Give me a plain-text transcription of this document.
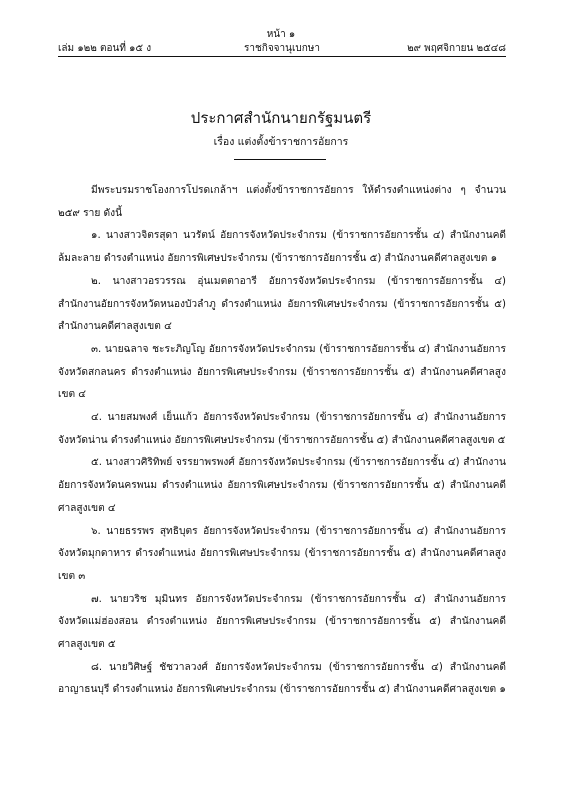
หน้า ๑
ราชกิจจานุเบกษา
เล่ม ๑๒๒ ตอนที่ ๑๕ ง	๒๙ พฤศจิกายน ๒๕๔๘
ประกาศสำนักนายกรัฐมนตรี
เรื่อง แต่งตั้งข้าราชการอัยการ

มีพระบรมราชโองการโปรดเกล้าฯ แต่งตั้งข้าราชการอัยการ ให้ดำรงตำแหน่งต่าง ๆ จำนวน ๒๕๙ ราย ดังนี้

๑. นางสาวจิตรสุดา นวรัตน์ อัยการจังหวัดประจำกรม (ข้าราชการอัยการชั้น ๔) สำนักงานคดีล้มละลาย ดำรงตำแหน่ง อัยการพิเศษประจำกรม (ข้าราชการอัยการชั้น ๕) สำนักงานคดีศาลสูงเขต ๑

๒. นางสาวอรวรรณ อุ่นเมตตาอารี อัยการจังหวัดประจำกรม (ข้าราชการอัยการชั้น ๔) สำนักงานอัยการจังหวัดหนองบัวลำภู ดำรงตำแหน่ง อัยการพิเศษประจำกรม (ข้าราชการอัยการชั้น ๕) สำนักงานคดีศาลสูงเขต ๔

๓. นายฉลาจ ชะระภิญโญ อัยการจังหวัดประจำกรม (ข้าราชการอัยการชั้น ๔) สำนักงานอัยการจังหวัดสกลนคร ดำรงตำแหน่ง อัยการพิเศษประจำกรม (ข้าราชการอัยการชั้น ๕) สำนักงานคดีศาลสูงเขต ๔

๔. นายสมพงศ์ เย็นแก้ว อัยการจังหวัดประจำกรม (ข้าราชการอัยการชั้น ๔) สำนักงานอัยการจังหวัดน่าน ดำรงตำแหน่ง อัยการพิเศษประจำกรม (ข้าราชการอัยการชั้น ๕) สำนักงานคดีศาลสูงเขต ๕

๕. นางสาวศิริทิพย์ จรรยาพรพงศ์ อัยการจังหวัดประจำกรม (ข้าราชการอัยการชั้น ๔) สำนักงานอัยการจังหวัดนครพนม ดำรงตำแหน่ง อัยการพิเศษประจำกรม (ข้าราชการอัยการชั้น ๕) สำนักงานคดีศาลสูงเขต ๔

๖. นายธรรพร สุทธิบุตร อัยการจังหวัดประจำกรม (ข้าราชการอัยการชั้น ๔) สำนักงานอัยการจังหวัดมุกดาหาร ดำรงตำแหน่ง อัยการพิเศษประจำกรม (ข้าราชการอัยการชั้น ๕) สำนักงานคดีศาลสูงเขต ๓

๗. นายวริช มุมินทร อัยการจังหวัดประจำกรม (ข้าราชการอัยการชั้น ๔) สำนักงานอัยการจังหวัดแม่ฮ่องสอน ดำรงตำแหน่ง อัยการพิเศษประจำกรม (ข้าราชการอัยการชั้น ๕) สำนักงานคดีศาลสูงเขต ๕

๘. นายวิศิษฐ์ ชัชวาลวงศ์ อัยการจังหวัดประจำกรม (ข้าราชการอัยการชั้น ๔) สำนักงานคดีอาญาธนบุรี ดำรงตำแหน่ง อัยการพิเศษประจำกรม (ข้าราชการอัยการชั้น ๕) สำนักงานคดีศาลสูงเขต ๑
